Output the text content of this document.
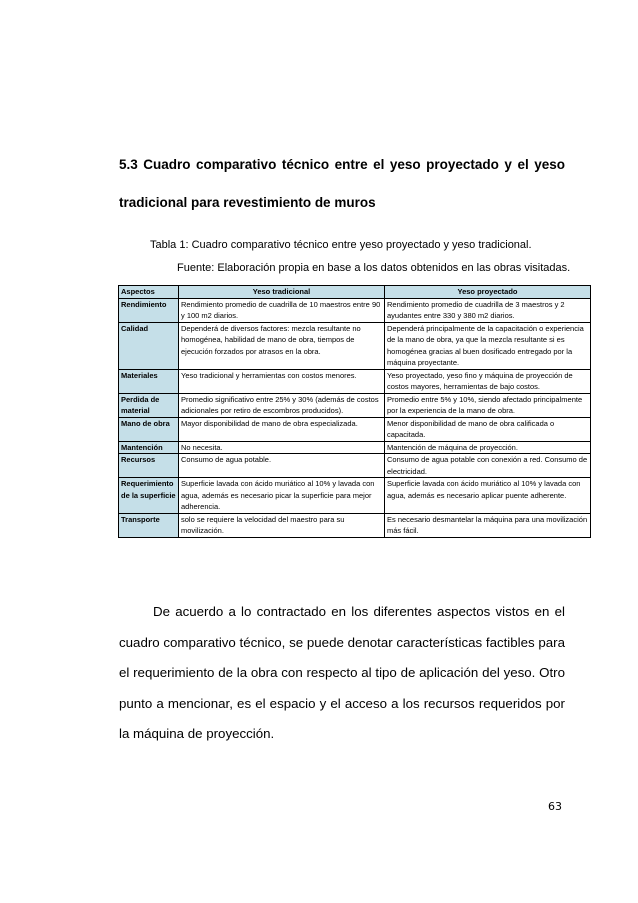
5.3 Cuadro comparativo técnico entre el yeso proyectado y el yeso
tradicional para revestimiento de muros

Tabla 1: Cuadro comparativo técnico entre yeso proyectado y yeso tradicional.

Fuente: Elaboración propia en base a los datos obtenidos en las obras visitadas.

Aspectos	Yeso tradicional	Yeso proyectado
Rendimiento	Rendimiento promedio de cuadrilla de 10 maestros entre 90 y 100 m2 diarios.	Rendimiento promedio de cuadrilla de 3 maestros y 2 ayudantes entre 330 y 380 m2 diarios.
Calidad	Dependerá de diversos factores: mezcla resultante no homogénea, habilidad de mano de obra, tiempos de ejecución forzados por atrasos en la obra.	Dependerá principalmente de la capacitación o experiencia de la mano de obra, ya que la mezcla resultante si es homogénea gracias al buen dosificado entregado por la máquina proyectante.
Materiales	Yeso tradicional y herramientas con costos menores.	Yeso proyectado, yeso fino y máquina de proyección de costos mayores, herramientas de bajo costos.
Perdida de material	Promedio significativo entre 25% y 30% (además de costos adicionales por retiro de escombros producidos).	Promedio entre 5% y 10%, siendo afectado principalmente por la experiencia de la mano de obra.
Mano de obra	Mayor disponibilidad de mano de obra especializada.	Menor disponibilidad de mano de obra calificada o capacitada.
Mantención	No necesita.	Mantención de máquina de proyección.
Recursos	Consumo de agua potable.	Consumo de agua potable con conexión a red. Consumo de electricidad.
Requerimiento de la superficie	Superficie lavada con ácido muriático al 10% y lavada con agua, además es necesario picar la superficie para mejor adherencia.	Superficie lavada con ácido muriático al 10% y lavada con agua, además es necesario aplicar puente adherente.
Transporte	solo se requiere la velocidad del maestro para su movilización.	Es necesario desmantelar la máquina para una movilización más fácil.

De acuerdo a lo contractado en los diferentes aspectos vistos en el cuadro comparativo técnico, se puede denotar características factibles para el requerimiento de la obra con respecto al tipo de aplicación del yeso. Otro punto a mencionar, es el espacio y el acceso a los recursos requeridos por la máquina de proyección.

63
